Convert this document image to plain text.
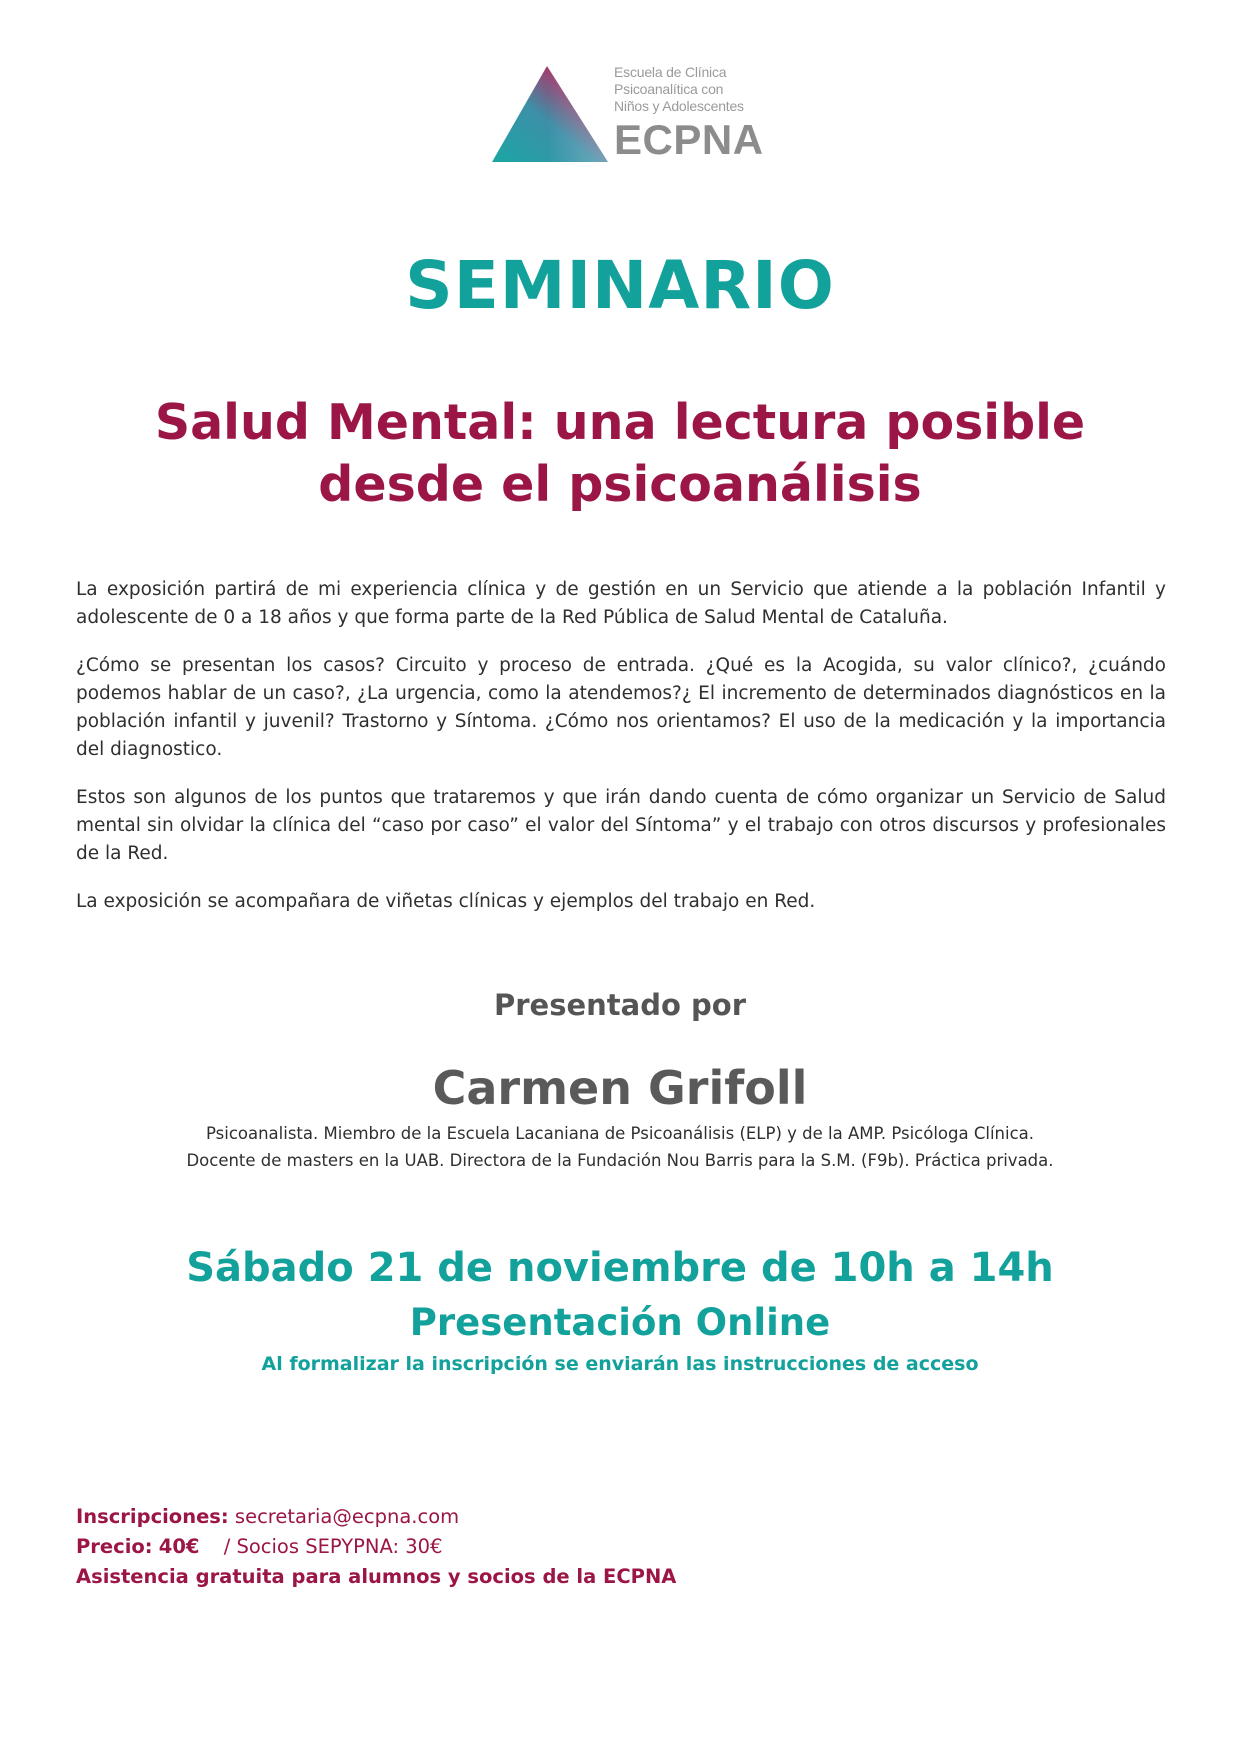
Escuela de Clínica
Psicoanalítica con
Niños y Adolescentes
ECPNA
SEMINARIO
Salud Mental: una lectura posible desde el psicoanálisis

La exposición partirá de mi experiencia clínica y de gestión en un Servicio que atiende a la población Infantil y adolescente de 0 a 18 años y que forma parte de la Red Pública de Salud Mental de Cataluña.

¿Cómo se presentan los casos? Circuito y proceso de entrada. ¿Qué es la Acogida, su valor clínico?, ¿cuándo podemos hablar de un caso?, ¿La urgencia, como la atendemos?¿ El incremento de determinados diagnósticos en la población infantil y juvenil? Trastorno y Síntoma. ¿Cómo nos orientamos? El uso de la medicación y la importancia del diagnostico.

Estos son algunos de los puntos que trataremos y que irán dando cuenta de cómo organizar un Servicio de Salud mental sin olvidar la clínica del “caso por caso” el valor del Síntoma” y el trabajo con otros discursos y profesionales de la Red.

La exposición se acompañara de viñetas clínicas y ejemplos del trabajo en Red.

Presentado por
Carmen Grifoll
Psicoanalista. Miembro de la Escuela Lacaniana de Psicoanálisis (ELP) y de la AMP. Psicóloga Clínica.
Docente de masters en la UAB. Directora de la Fundación Nou Barris para la S.M. (F9b). Práctica privada.
Sábado 21 de noviembre de 10h a 14h
Presentación Online
Al formalizar la inscripción se enviarán las instrucciones de acceso
Inscripciones: secretaria@ecpna.com
Precio: 40€ / Socios SEPYPNA: 30€
Asistencia gratuita para alumnos y socios de la ECPNA
